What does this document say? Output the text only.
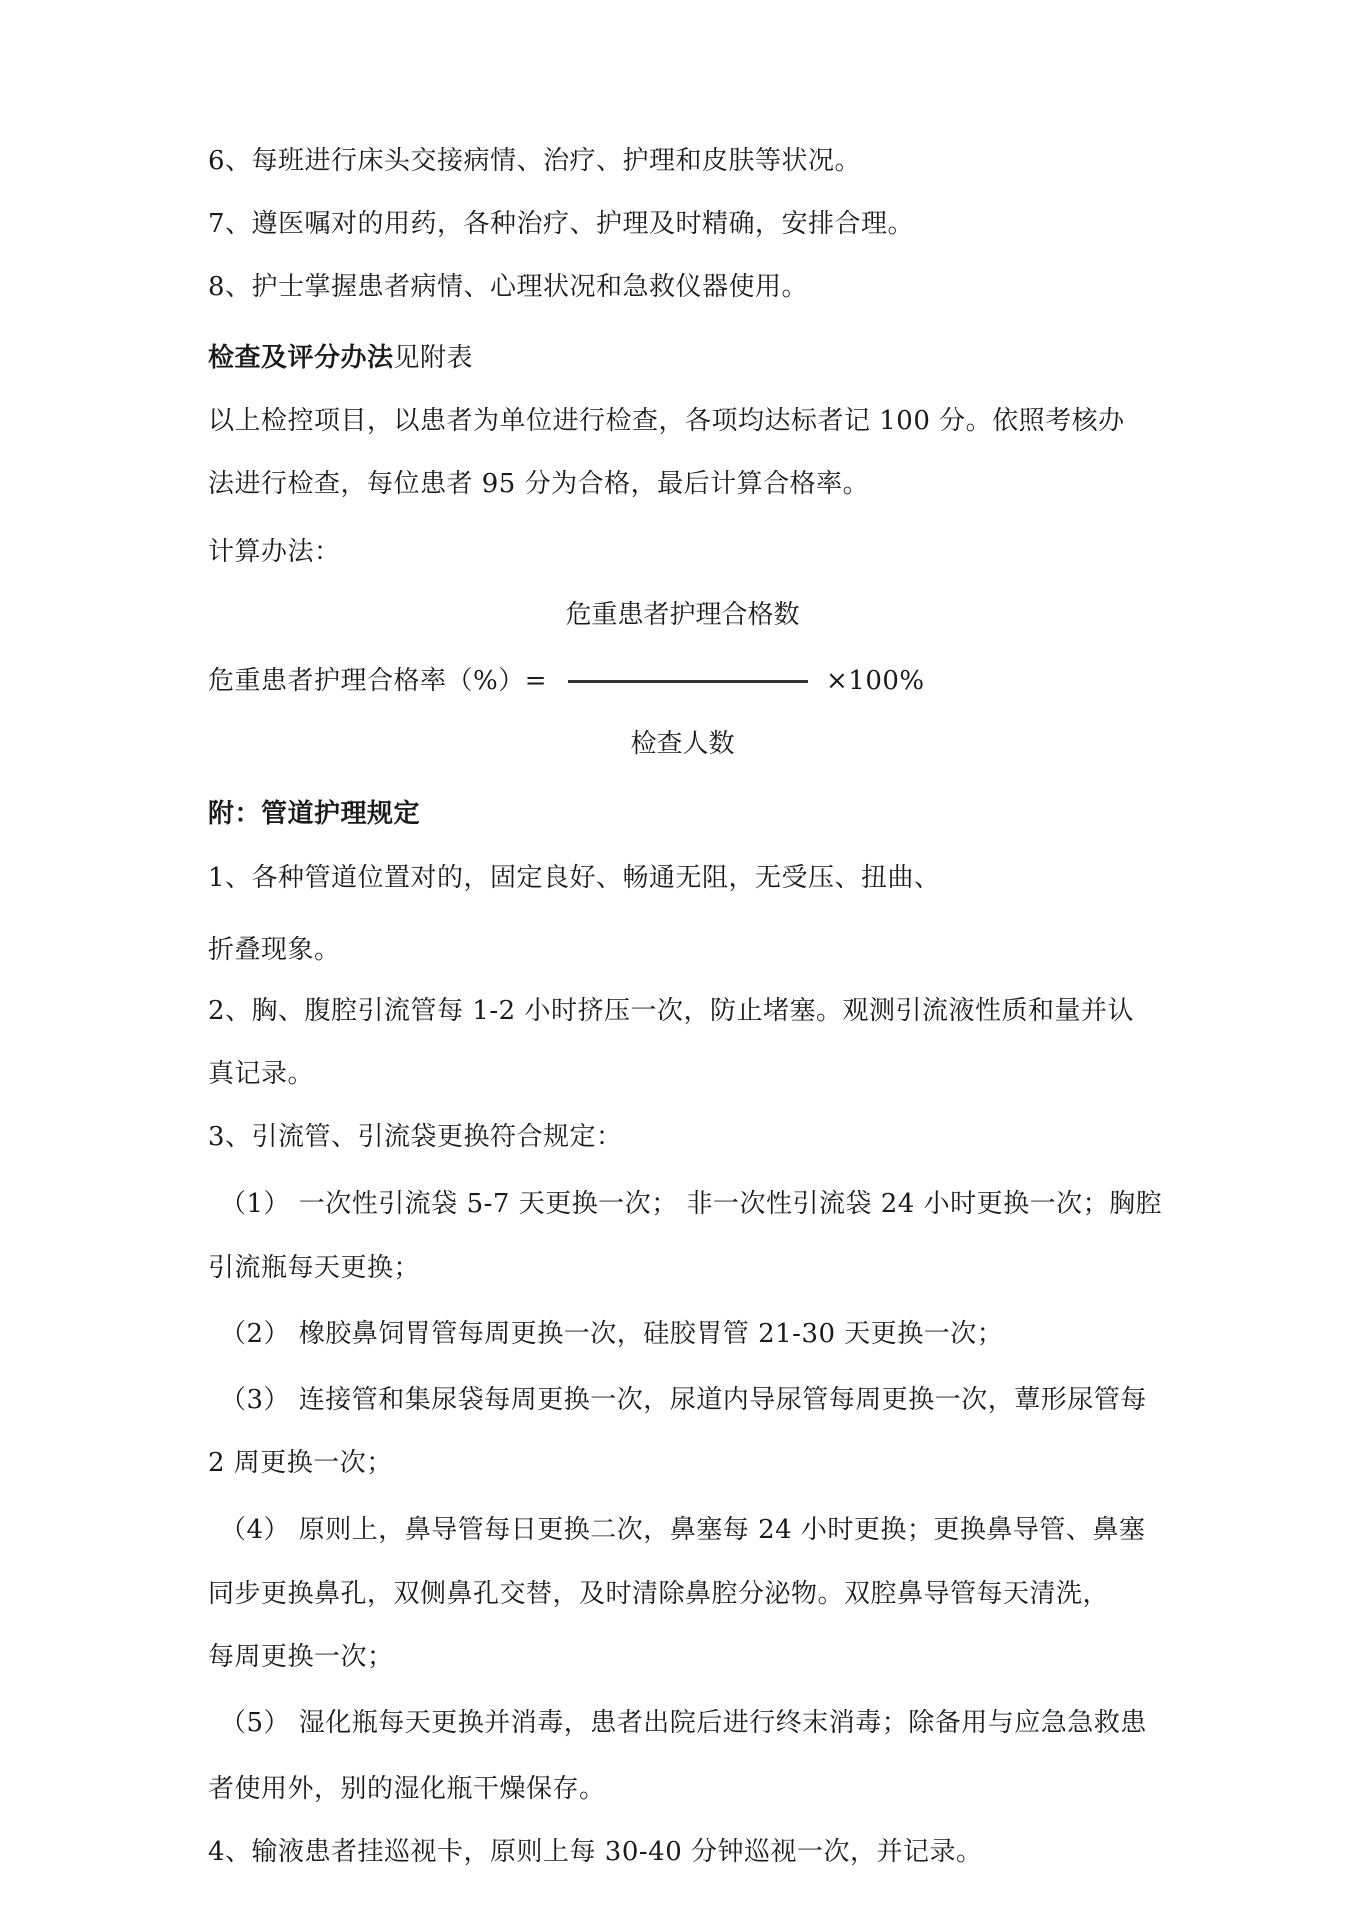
6、每班进行床头交接病情、治疗、护理和皮肤等状况。
7、遵医嘱对的用药，各种治疗、护理及时精确，安排合理。
8、护士掌握患者病情、心理状况和急救仪器使用。
检查及评分办法见附表
以上检控项目，以患者为单位进行检查，各项均达标者记 100 分。依照考核办
法进行检查，每位患者 95 分为合格，最后计算合格率。
计算办法：
危重患者护理合格数
危重患者护理合格率（%）=	×100%
检查人数
附：管道护理规定
1、各种管道位置对的，固定良好、畅通无阻，无受压、扭曲、
折叠现象。
2、胸、腹腔引流管每 1-2 小时挤压一次，防止堵塞。观测引流液性质和量并认
真记录。
3、引流管、引流袋更换符合规定：
（1） 一次性引流袋 5-7 天更换一次； 非一次性引流袋 24 小时更换一次；胸腔
引流瓶每天更换；
（2） 橡胶鼻饲胃管每周更换一次，硅胶胃管 21-30 天更换一次；
（3） 连接管和集尿袋每周更换一次，尿道内导尿管每周更换一次，蕈形尿管每
2 周更换一次；
（4） 原则上，鼻导管每日更换二次，鼻塞每 24 小时更换；更换鼻导管、鼻塞
同步更换鼻孔，双侧鼻孔交替，及时清除鼻腔分泌物。双腔鼻导管每天清洗，
每周更换一次；
（5） 湿化瓶每天更换并消毒，患者出院后进行终末消毒；除备用与应急急救患
者使用外，别的湿化瓶干燥保存。
4、输液患者挂巡视卡，原则上每 30-40 分钟巡视一次，并记录。
